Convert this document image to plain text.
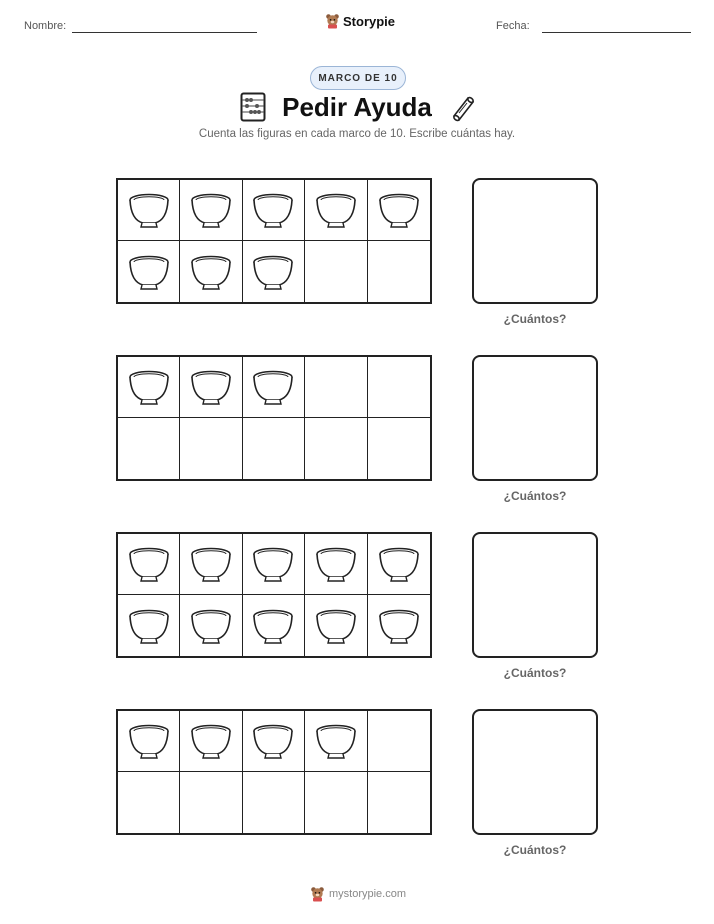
Nombre:	Storypie	Fecha:
MARCO DE 10
Pedir Ayuda
Cuenta las figuras en cada marco de 10. Escribe cuántas hay.
¿Cuántos?
¿Cuántos?
¿Cuántos?
¿Cuántos?
mystorypie.com
